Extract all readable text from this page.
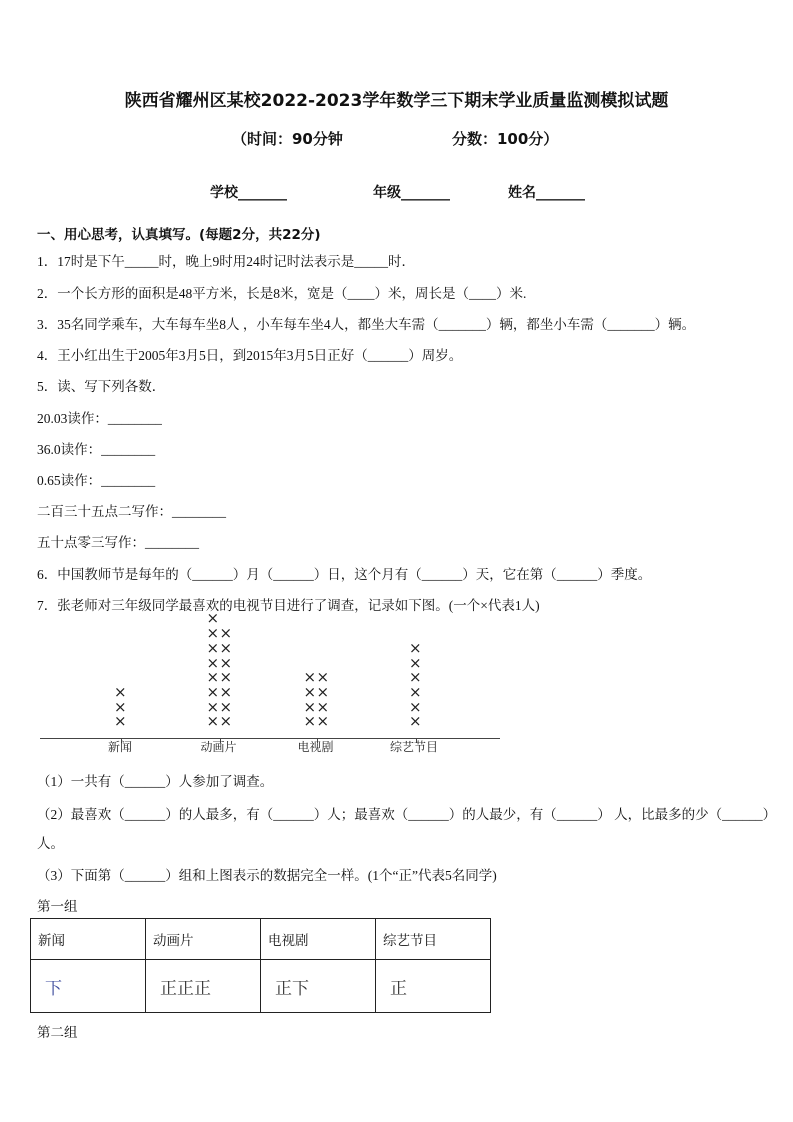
陕西省耀州区某校2022-2023学年数学三下期末学业质量监测模拟试题
（时间：90分钟	分数：100分）
学校_______	年级_______	姓名_______
一、用心思考，认真填写。(每题2分，共22分)
1．17时是下午_____时，晚上9时用24时记时法表示是_____时．
2．一个长方形的面积是48平方米，长是8米，宽是（____）米，周长是（____）米.
3．35名同学乘车，大车每车坐8人 ，小车每车坐4人，都坐大车需（_______）辆，都坐小车需（_______）辆。
4．王小红出生于2005年3月5日，到2015年3月5日正好（______）周岁。
5．读、写下列各数．
20.03读作：________
36.0读作：________
0.65读作：________
二百三十五点二写作：________
五十点零三写作：________
6．中国教师节是每年的（______）月（______）日，这个月有（______）天，它在第（______）季度。
7．张老师对三年级同学最喜欢的电视节目进行了调查，记录如下图。(一个×代表1人)
×
×
×
新闻
× ×
× ×
× ×
× ×
× ×
× ×
× ×
×
动画片
× ×
× ×
× ×
× ×
电视剧
×
×
×
×
×
×
综艺节目
（1）一共有（______）人参加了调查。
（2）最喜欢（______）的人最多，有（______）人；最喜欢（______）的人最少，有（______） 人，比最多的少（______）
人。
（3）下面第（______）组和上图表示的数据完全一样。(1个“正”代表5名同学)
第一组
新闻	动画片	电视剧	综艺节目
下	正正正	正下	正
第二组
